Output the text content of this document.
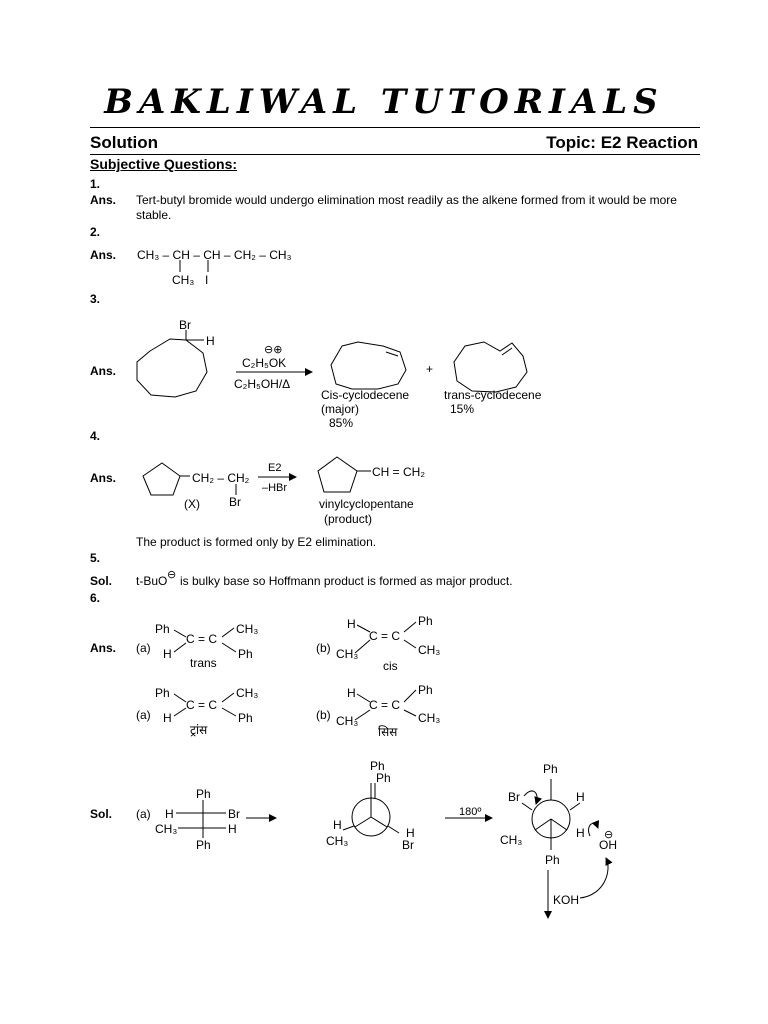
BAKLIWAL TUTORIALS
Solution	Topic: E2 Reaction
Subjective Questions:
1.
Ans. Tert-butyl bromide would undergo elimination most readily as the alkene formed from it would be more stable.
2.
Ans. CH₃ – CH – CH – CH₂ – CH₃
CH₃ I
3.
Ans.
Br
H
⊖⊕
C₂H₅OK
C₂H₅OH/Δ
+
Cis-cyclodecene
(major)
85%
trans-cyclodecene
15%
4.
Ans.	CH₂ – CH₂
Br
(X)
E2
–HBr
CH = CH₂
vinylcyclopentane
(product)
The product is formed only by E2 elimination.
5.
Sol. t-BuO ⊖ is bulky base so Hoffmann product is formed as major product.
6.
Ans.
Sol.
(a)
Ph
H
C = C
CH₃
Ph
trans
(b)
H
CH₃
C = C
Ph
CH₃
cis
(a)
Ph
H
C = C
CH₃
Ph
ट्रांस
(b)
H
CH₃
C = C
Ph
CH₃
सिस
(a)
Ph
H	Br
CH₃	H
Ph
Ph
Ph
H
CH₃
H
Br
180º
Ph
Br	H
CH₃	H
Ph
⊖
OH
KOH
